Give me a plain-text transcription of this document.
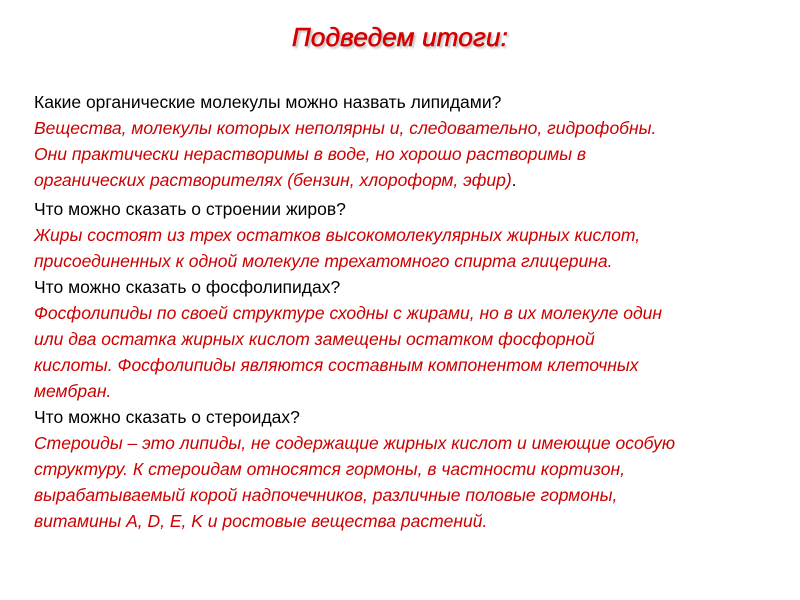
Подведем итоги:

Какие органические молекулы можно назвать липидами?

Вещества, молекулы которых неполярны и, следовательно, гидрофобны.

Они практически нерастворимы в воде, но хорошо растворимы в

органических растворителях (бензин, хлороформ, эфир).

Что можно сказать о строении жиров?

Жиры состоят из трех остатков высокомолекулярных жирных кислот,

присоединенных к одной молекуле трехатомного спирта глицерина.

Что можно сказать о фосфолипидах?

Фосфолипиды по своей структуре сходны с жирами, но в их молекуле один

или два остатка жирных кислот замещены остатком фосфорной

кислоты. Фосфолипиды являются составным компонентом клеточных

мембран.

Что можно сказать о стероидах?

Стероиды – это липиды, не содержащие жирных кислот и имеющие особую

структуру. К стероидам относятся гормоны, в частности кортизон,

вырабатываемый корой надпочечников, различные половые гормоны,

витамины А, D, E, K и ростовые вещества растений.
